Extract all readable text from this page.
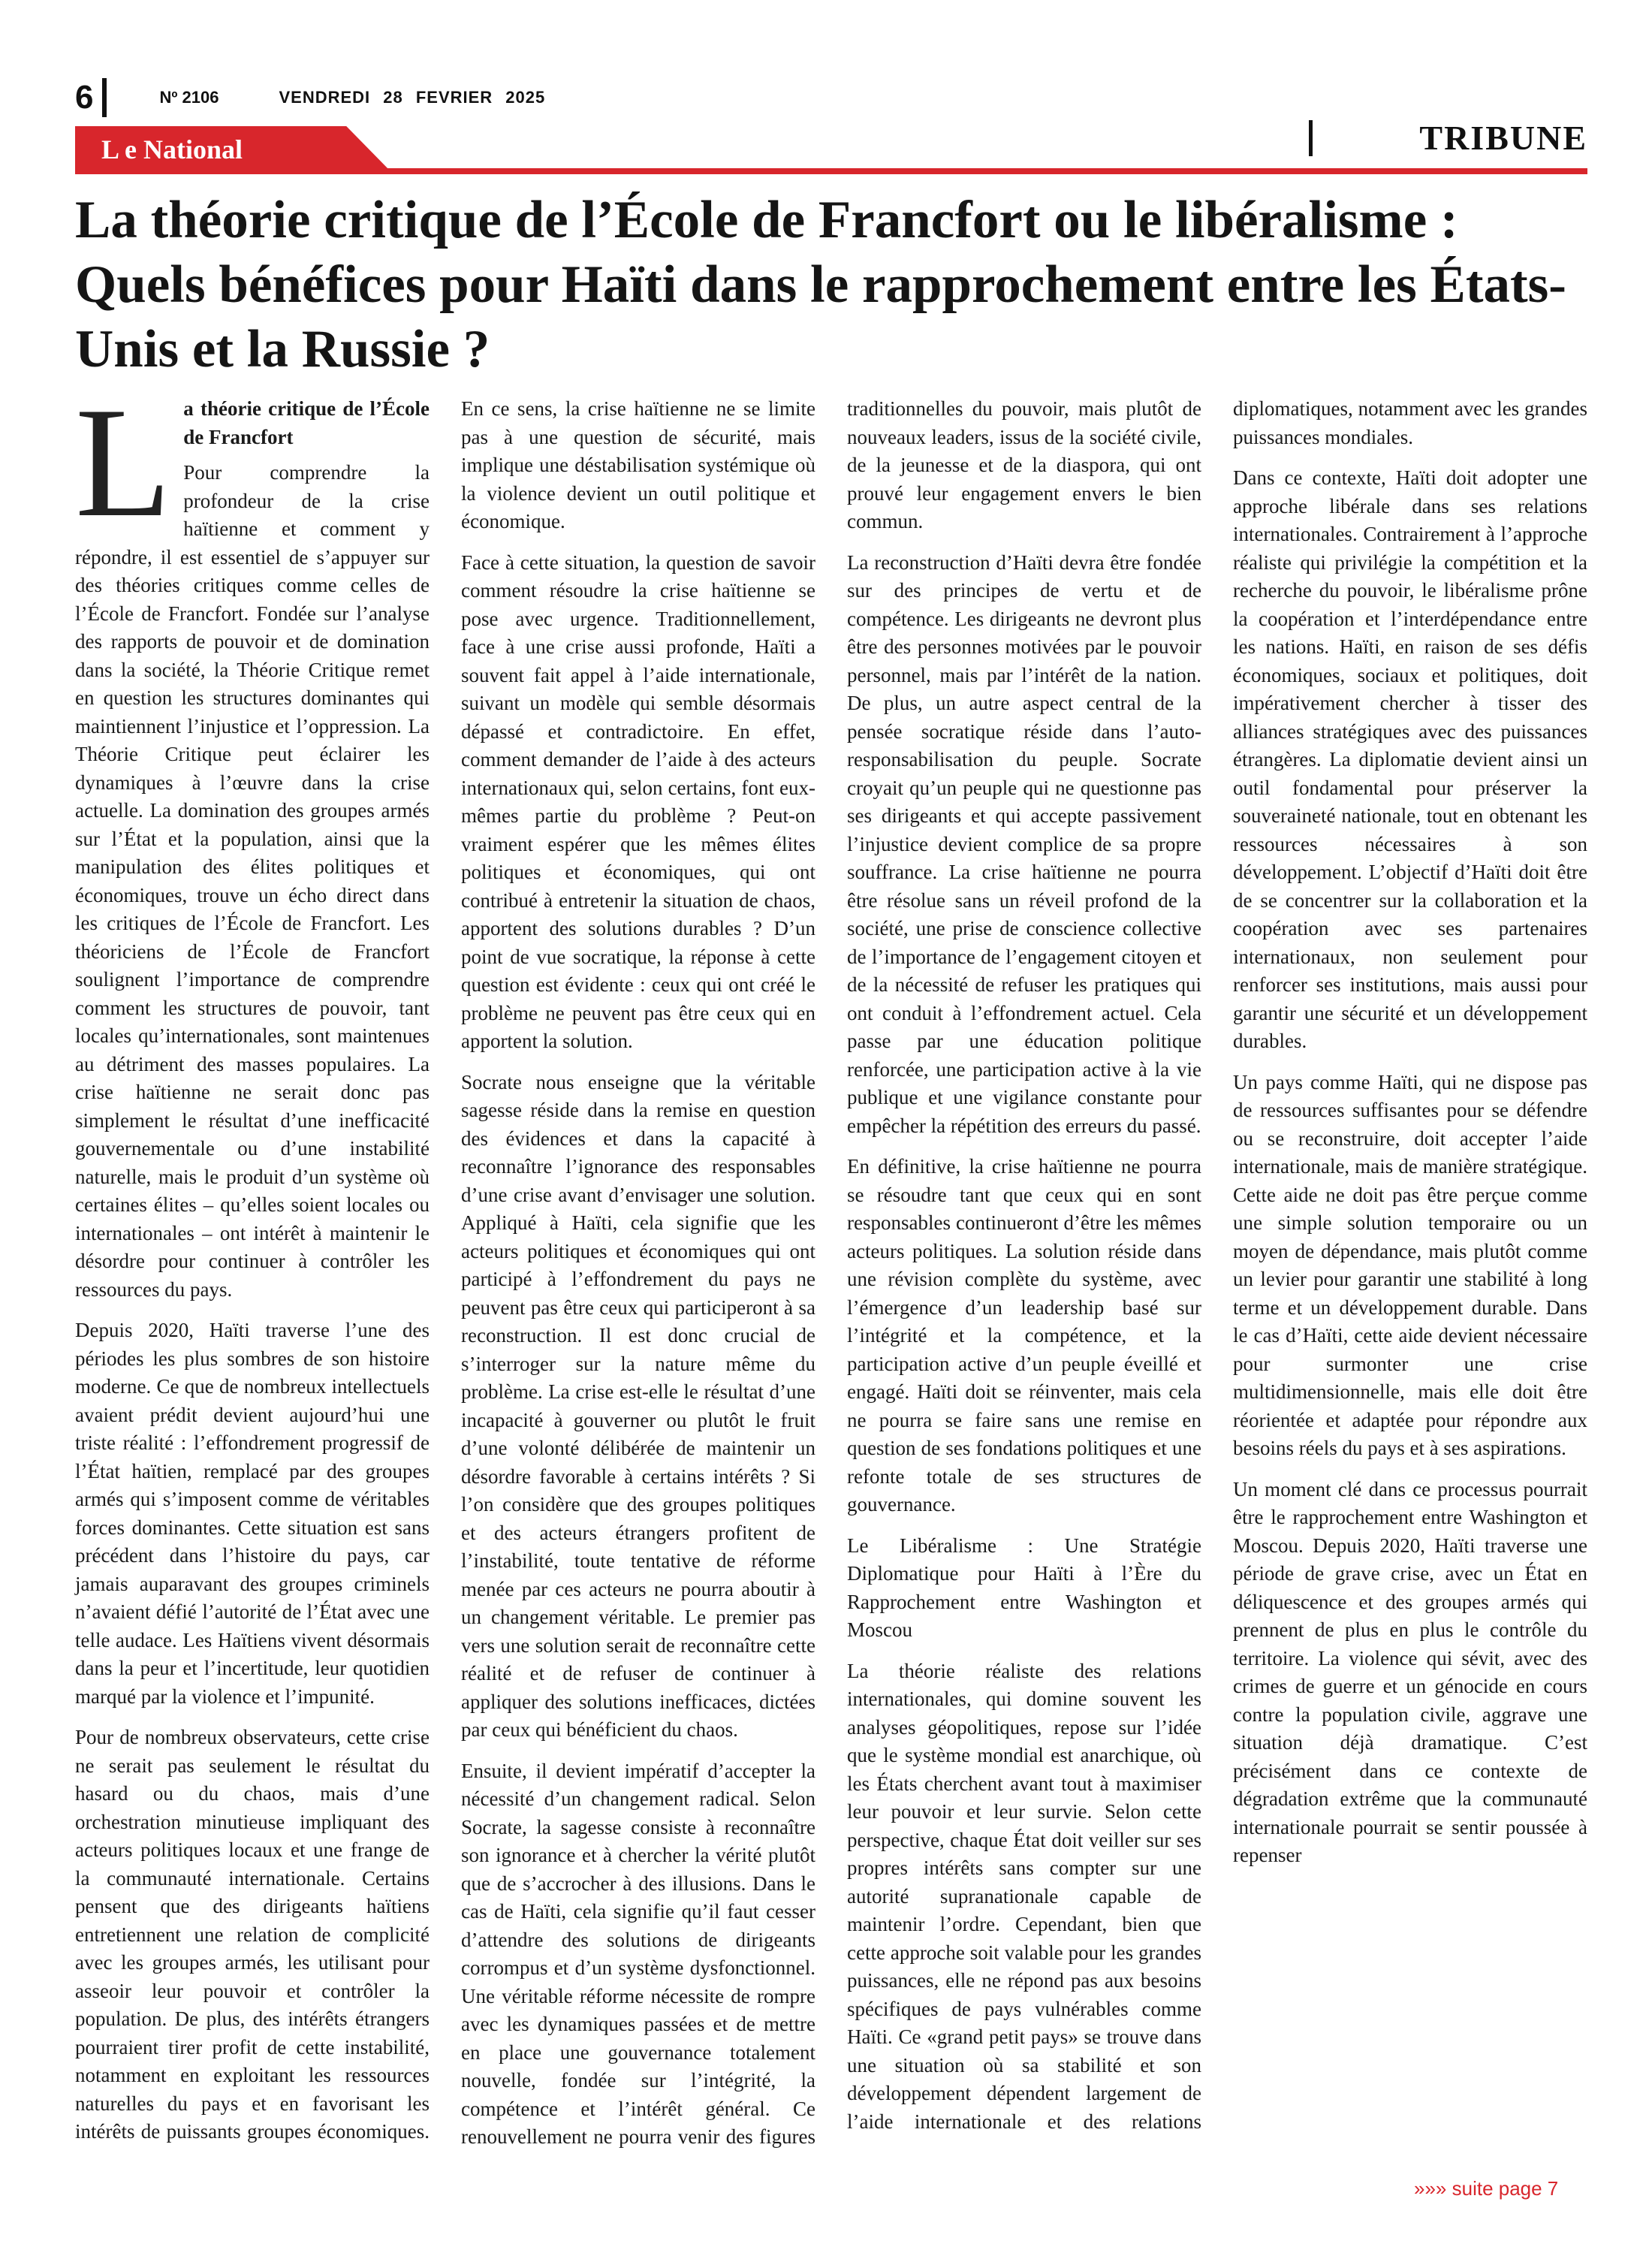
6	Nº 2106	VENDREDI 28 FEVRIER 2025
L e National	TRIBUNE
La théorie critique de l’École de Francfort ou le libéralisme : Quels bénéfices pour Haïti dans le rapprochement entre les États-Unis et la Russie ?
L a théorie critique de l’École de Francfort

Pour comprendre la profondeur de la crise haïtienne et comment y répondre, il est essentiel de s’appuyer sur des théories critiques comme celles de l’École de Francfort. Fondée sur l’analyse des rapports de pouvoir et de domination dans la société, la Théorie Critique remet en question les structures dominantes qui maintiennent l’injustice et l’oppression. La Théorie Critique peut éclairer les dynamiques à l’œuvre dans la crise actuelle. La domination des groupes armés sur l’État et la population, ainsi que la manipulation des élites politiques et économiques, trouve un écho direct dans les critiques de l’École de Francfort. Les théoriciens de l’École de Francfort soulignent l’importance de comprendre comment les structures de pouvoir, tant locales qu’internationales, sont maintenues au détriment des masses populaires. La crise haïtienne ne serait donc pas simplement le résultat d’une inefficacité gouvernementale ou d’une instabilité naturelle, mais le produit d’un système où certaines élites – qu’elles soient locales ou internationales – ont intérêt à maintenir le désordre pour continuer à contrôler les ressources du pays.

Depuis 2020, Haïti traverse l’une des périodes les plus sombres de son histoire moderne. Ce que de nombreux intellectuels avaient prédit devient aujourd’hui une triste réalité : l’effondrement progressif de l’État haïtien, remplacé par des groupes armés qui s’imposent comme de véritables forces dominantes. Cette situation est sans précédent dans l’histoire du pays, car jamais auparavant des groupes criminels n’avaient défié l’autorité de l’État avec une telle audace. Les Haïtiens vivent désormais dans la peur et l’incertitude, leur quotidien marqué par la violence et l’impunité.

Pour de nombreux observateurs, cette crise ne serait pas seulement le résultat du hasard ou du chaos, mais d’une orchestration minutieuse impliquant des acteurs politiques locaux et une frange de la communauté internationale. Certains pensent que des dirigeants haïtiens entretiennent une relation de complicité avec les groupes armés, les utilisant pour asseoir leur pouvoir et contrôler la population. De plus, des intérêts étrangers pourraient tirer profit de cette instabilité, notamment en exploitant les ressources naturelles du pays et en favorisant les intérêts de puissants groupes économiques. En ce sens, la crise haïtienne ne se limite pas à une question de sécurité, mais implique une déstabilisation systémique où la violence devient un outil politique et économique.

Face à cette situation, la question de savoir comment résoudre la crise haïtienne se pose avec urgence. Traditionnellement, face à une crise aussi profonde, Haïti a souvent fait appel à l’aide internationale, suivant un modèle qui semble désormais dépassé et contradictoire. En effet, comment demander de l’aide à des acteurs internationaux qui, selon certains, font eux-mêmes partie du problème ? Peut-on vraiment espérer que les mêmes élites politiques et économiques, qui ont contribué à entretenir la situation de chaos, apportent des solutions durables ? D’un point de vue socratique, la réponse à cette question est évidente : ceux qui ont créé le problème ne peuvent pas être ceux qui en apportent la solution.

Socrate nous enseigne que la véritable sagesse réside dans la remise en question des évidences et dans la capacité à reconnaître l’ignorance des responsables d’une crise avant d’envisager une solution. Appliqué à Haïti, cela signifie que les acteurs politiques et économiques qui ont participé à l’effondrement du pays ne peuvent pas être ceux qui participeront à sa reconstruction. Il est donc crucial de s’interroger sur la nature même du problème. La crise est-elle le résultat d’une incapacité à gouverner ou plutôt le fruit d’une volonté délibérée de maintenir un désordre favorable à certains intérêts ? Si l’on considère que des groupes politiques et des acteurs étrangers profitent de l’instabilité, toute tentative de réforme menée par ces acteurs ne pourra aboutir à un changement véritable. Le premier pas vers une solution serait de reconnaître cette réalité et de refuser de continuer à appliquer des solutions inefficaces, dictées par ceux qui bénéficient du chaos.

Ensuite, il devient impératif d’accepter la nécessité d’un changement radical. Selon Socrate, la sagesse consiste à reconnaître son ignorance et à chercher la vérité plutôt que de s’accrocher à des illusions. Dans le cas de Haïti, cela signifie qu’il faut cesser d’attendre des solutions de dirigeants corrompus et d’un système dysfonctionnel. Une véritable réforme nécessite de rompre avec les dynamiques passées et de mettre en place une gouvernance totalement nouvelle, fondée sur l’intégrité, la compétence et l’intérêt général. Ce renouvellement ne pourra venir des figures traditionnelles du pouvoir, mais plutôt de nouveaux leaders, issus de la société civile, de la jeunesse et de la diaspora, qui ont prouvé leur engagement envers le bien commun.

La reconstruction d’Haïti devra être fondée sur des principes de vertu et de compétence. Les dirigeants ne devront plus être des personnes motivées par le pouvoir personnel, mais par l’intérêt de la nation. De plus, un autre aspect central de la pensée socratique réside dans l’auto-responsabilisation du peuple. Socrate croyait qu’un peuple qui ne questionne pas ses dirigeants et qui accepte passivement l’injustice devient complice de sa propre souffrance. La crise haïtienne ne pourra être résolue sans un réveil profond de la société, une prise de conscience collective de l’importance de l’engagement citoyen et de la nécessité de refuser les pratiques qui ont conduit à l’effondrement actuel. Cela passe par une éducation politique renforcée, une participation active à la vie publique et une vigilance constante pour empêcher la répétition des erreurs du passé.

En définitive, la crise haïtienne ne pourra se résoudre tant que ceux qui en sont responsables continueront d’être les mêmes acteurs politiques. La solution réside dans une révision complète du système, avec l’émergence d’un leadership basé sur l’intégrité et la compétence, et la participation active d’un peuple éveillé et engagé. Haïti doit se réinventer, mais cela ne pourra se faire sans une remise en question de ses fondations politiques et une refonte totale de ses structures de gouvernance.

Le Libéralisme : Une Stratégie Diplomatique pour Haïti à l’Ère du Rapprochement entre Washington et Moscou

La théorie réaliste des relations internationales, qui domine souvent les analyses géopolitiques, repose sur l’idée que le système mondial est anarchique, où les États cherchent avant tout à maximiser leur pouvoir et leur survie. Selon cette perspective, chaque État doit veiller sur ses propres intérêts sans compter sur une autorité supranationale capable de maintenir l’ordre. Cependant, bien que cette approche soit valable pour les grandes puissances, elle ne répond pas aux besoins spécifiques de pays vulnérables comme Haïti. Ce «grand petit pays» se trouve dans une situation où sa stabilité et son développement dépendent largement de l’aide internationale et des relations diplomatiques, notamment avec les grandes puissances mondiales.

Dans ce contexte, Haïti doit adopter une approche libérale dans ses relations internationales. Contrairement à l’approche réaliste qui privilégie la compétition et la recherche du pouvoir, le libéralisme prône la coopération et l’interdépendance entre les nations. Haïti, en raison de ses défis économiques, sociaux et politiques, doit impérativement chercher à tisser des alliances stratégiques avec des puissances étrangères. La diplomatie devient ainsi un outil fondamental pour préserver la souveraineté nationale, tout en obtenant les ressources nécessaires à son développement. L’objectif d’Haïti doit être de se concentrer sur la collaboration et la coopération avec ses partenaires internationaux, non seulement pour renforcer ses institutions, mais aussi pour garantir une sécurité et un développement durables.

Un pays comme Haïti, qui ne dispose pas de ressources suffisantes pour se défendre ou se reconstruire, doit accepter l’aide internationale, mais de manière stratégique. Cette aide ne doit pas être perçue comme une simple solution temporaire ou un moyen de dépendance, mais plutôt comme un levier pour garantir une stabilité à long terme et un développement durable. Dans le cas d’Haïti, cette aide devient nécessaire pour surmonter une crise multidimensionnelle, mais elle doit être réorientée et adaptée pour répondre aux besoins réels du pays et à ses aspirations.

Un moment clé dans ce processus pourrait être le rapprochement entre Washington et Moscou. Depuis 2020, Haïti traverse une période de grave crise, avec un État en déliquescence et des groupes armés qui prennent de plus en plus le contrôle du territoire. La violence qui sévit, avec des crimes de guerre et un génocide en cours contre la population civile, aggrave une situation déjà dramatique. C’est précisément dans ce contexte de dégradation extrême que la communauté internationale pourrait se sentir poussée à repenser

»»» suite page 7
